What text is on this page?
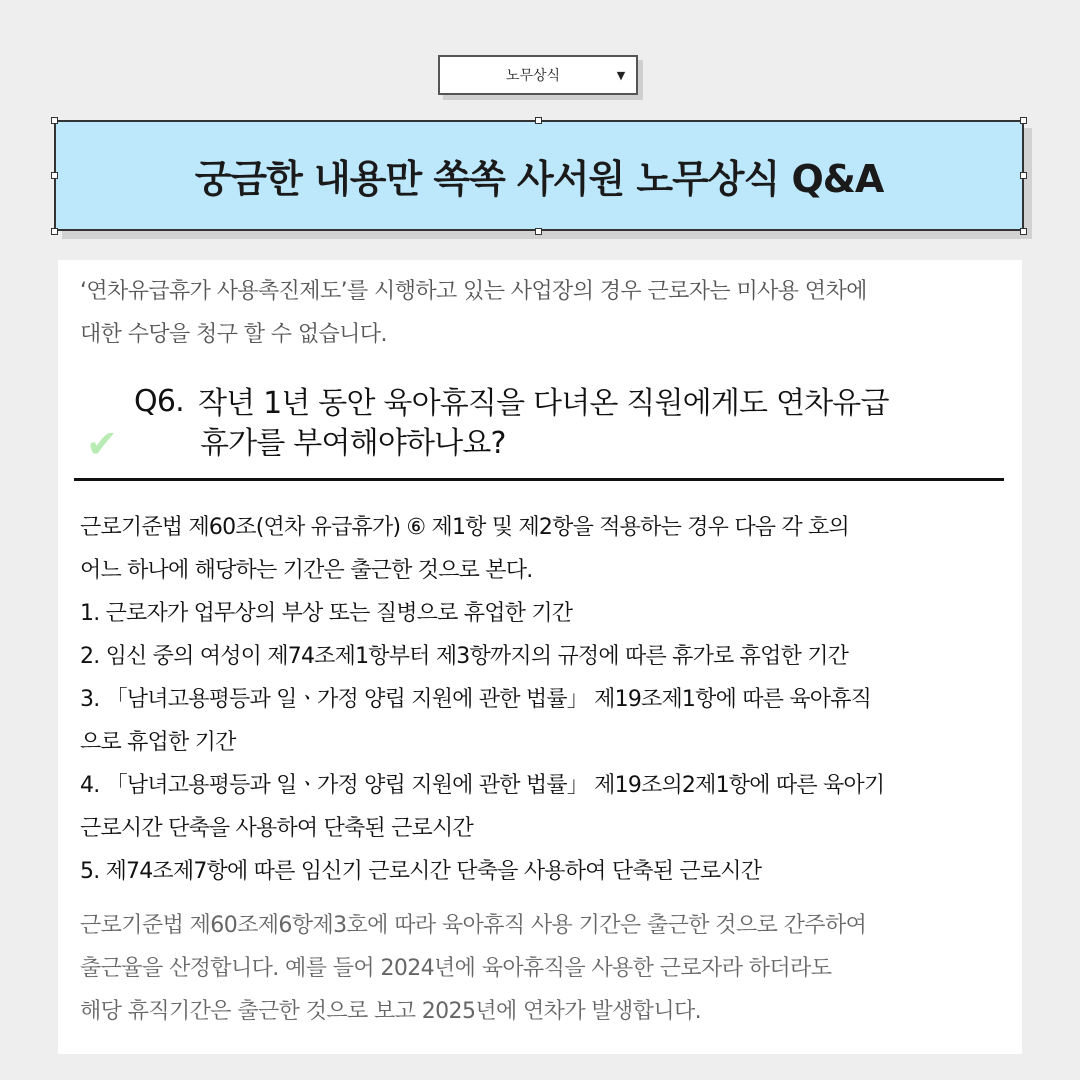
노무상식	▼
궁금한 내용만 쏙쏙 사서원 노무상식 Q&A
‘연차유급휴가 사용촉진제도’를 시행하고 있는 사업장의 경우 근로자는 미사용 연차에
대한 수당을 청구 할 수 없습니다.
✔
Q6. 작년 1년 동안 육아휴직을 다녀온 직원에게도 연차유급
휴가를 부여해야하나요?
근로기준법 제60조(연차 유급휴가) ⑥ 제1항 및 제2항을 적용하는 경우 다음 각 호의
어느 하나에 해당하는 기간은 출근한 것으로 본다.
1. 근로자가 업무상의 부상 또는 질병으로 휴업한 기간
2. 임신 중의 여성이 제74조제1항부터 제3항까지의 규정에 따른 휴가로 휴업한 기간
3. 「남녀고용평등과 일ㆍ가정 양립 지원에 관한 법률」 제19조제1항에 따른 육아휴직
으로 휴업한 기간
4. 「남녀고용평등과 일ㆍ가정 양립 지원에 관한 법률」 제19조의2제1항에 따른 육아기
근로시간 단축을 사용하여 단축된 근로시간
5. 제74조제7항에 따른 임신기 근로시간 단축을 사용하여 단축된 근로시간
근로기준법 제60조제6항제3호에 따라 육아휴직 사용 기간은 출근한 것으로 간주하여
출근율을 산정합니다. 예를 들어 2024년에 육아휴직을 사용한 근로자라 하더라도
해당 휴직기간은 출근한 것으로 보고 2025년에 연차가 발생합니다.
